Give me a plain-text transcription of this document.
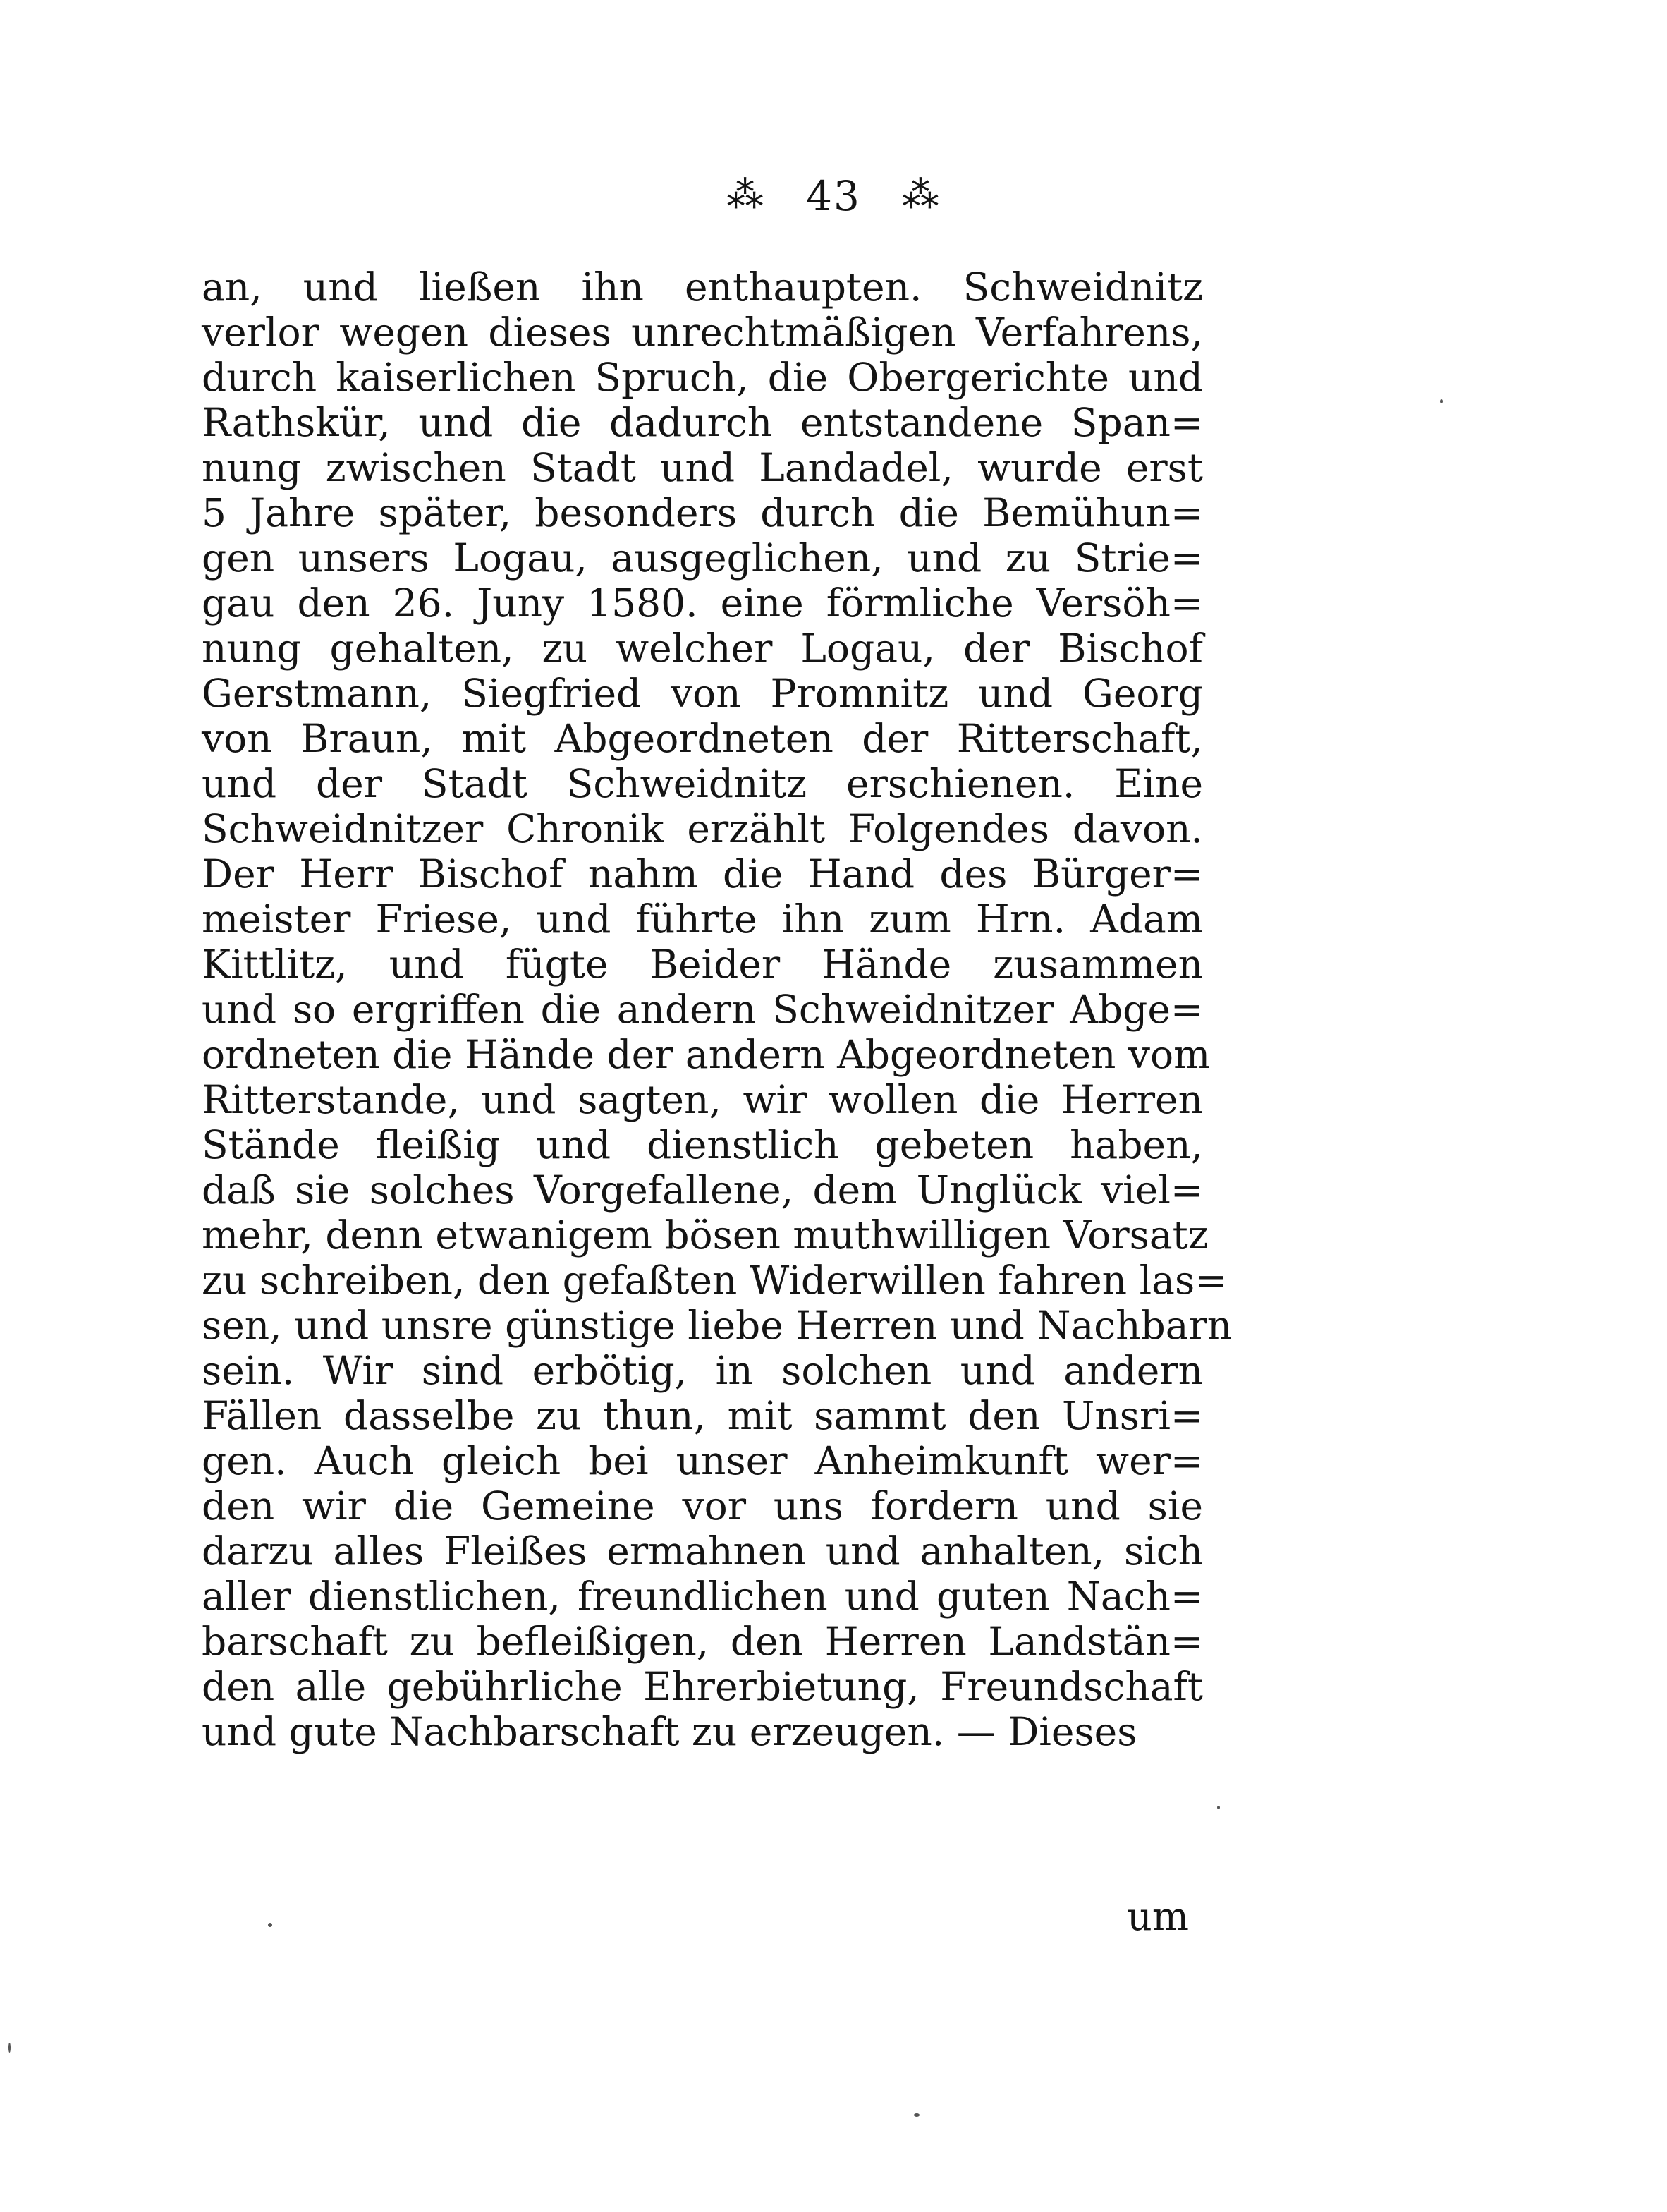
⁂ 43 ⁂
an, und ließen ihn enthaupten. Schweidnitz
verlor wegen dieses unrechtmäßigen Verfahrens,
durch kaiserlichen Spruch, die Obergerichte und
Rathskür, und die dadurch entstandene Span=
nung zwischen Stadt und Landadel, wurde erst
5 Jahre später, besonders durch die Bemühun=
gen unsers Logau, ausgeglichen, und zu Strie=
gau den 26. Juny 1580. eine förmliche Versöh=
nung gehalten, zu welcher Logau, der Bischof
Gerstmann, Siegfried von Promnitz und Georg
von Braun, mit Abgeordneten der Ritterschaft,
und der Stadt Schweidnitz erschienen. Eine
Schweidnitzer Chronik erzählt Folgendes davon.
Der Herr Bischof nahm die Hand des Bürger=
meister Friese, und führte ihn zum Hrn. Adam
Kittlitz, und fügte Beider Hände zusammen
und so ergriffen die andern Schweidnitzer Abge=
ordneten die Hände der andern Abgeordneten vom
Ritterstande, und sagten, wir wollen die Herren
Stände fleißig und dienstlich gebeten haben,
daß sie solches Vorgefallene, dem Unglück viel=
mehr, denn etwanigem bösen muthwilligen Vorsatz
zu schreiben, den gefaßten Widerwillen fahren las=
sen, und unsre günstige liebe Herren und Nachbarn
sein. Wir sind erbötig, in solchen und andern
Fällen dasselbe zu thun, mit sammt den Unsri=
gen. Auch gleich bei unser Anheimkunft wer=
den wir die Gemeine vor uns fordern und sie
darzu alles Fleißes ermahnen und anhalten, sich
aller dienstlichen, freundlichen und guten Nach=
barschaft zu befleißigen, den Herren Landstän=
den alle gebührliche Ehrerbietung, Freundschaft
und gute Nachbarschaft zu erzeugen. — Dieses
um
